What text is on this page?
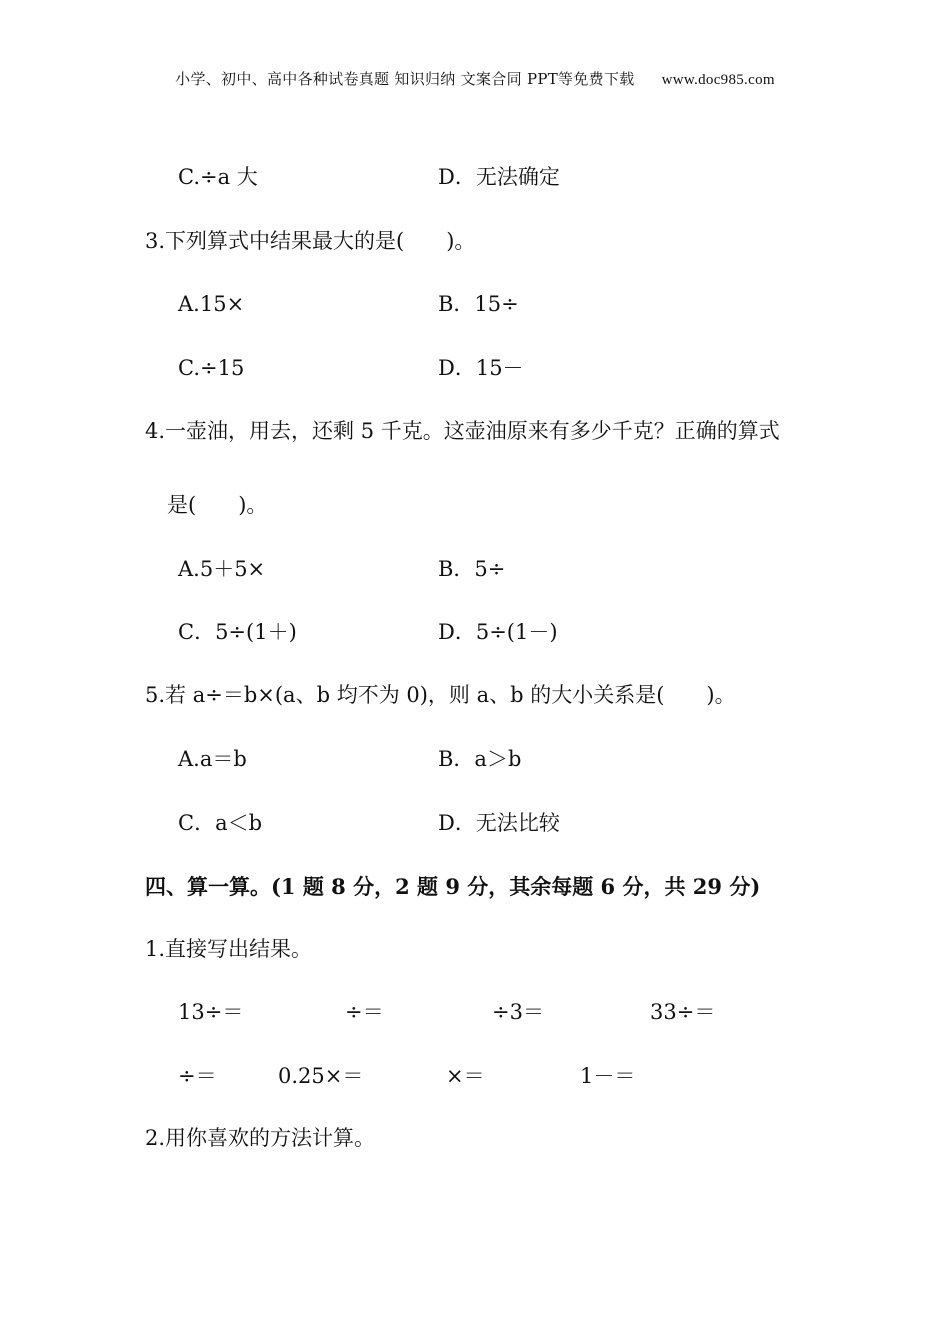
小学、初中、高中各种试卷真题 知识归纳 文案合同 PPT等免费下载 www.doc985.com
C.÷a 大	D．无法确定
3.下列算式中结果最大的是(　　)。
A.15×	B．15÷
C.÷15	D．15－
4.一壶油，用去，还剩 5 千克。这壶油原来有多少千克？正确的算式
是(　　)。
A.5＋5×	B．5÷
C．5÷(1＋)	D．5÷(1－)
5.若 a÷＝b×(a、b 均不为 0)，则 a、b 的大小关系是(　　)。
A.a＝b	B．a＞b
C．a＜b	D．无法比较
四、算一算。(1 题 8 分，2 题 9 分，其余每题 6 分，共 29 分)
1.直接写出结果。
13÷＝	÷＝	÷3＝	33÷＝
÷＝	0.25×＝	×＝	1－＝
2.用你喜欢的方法计算。
